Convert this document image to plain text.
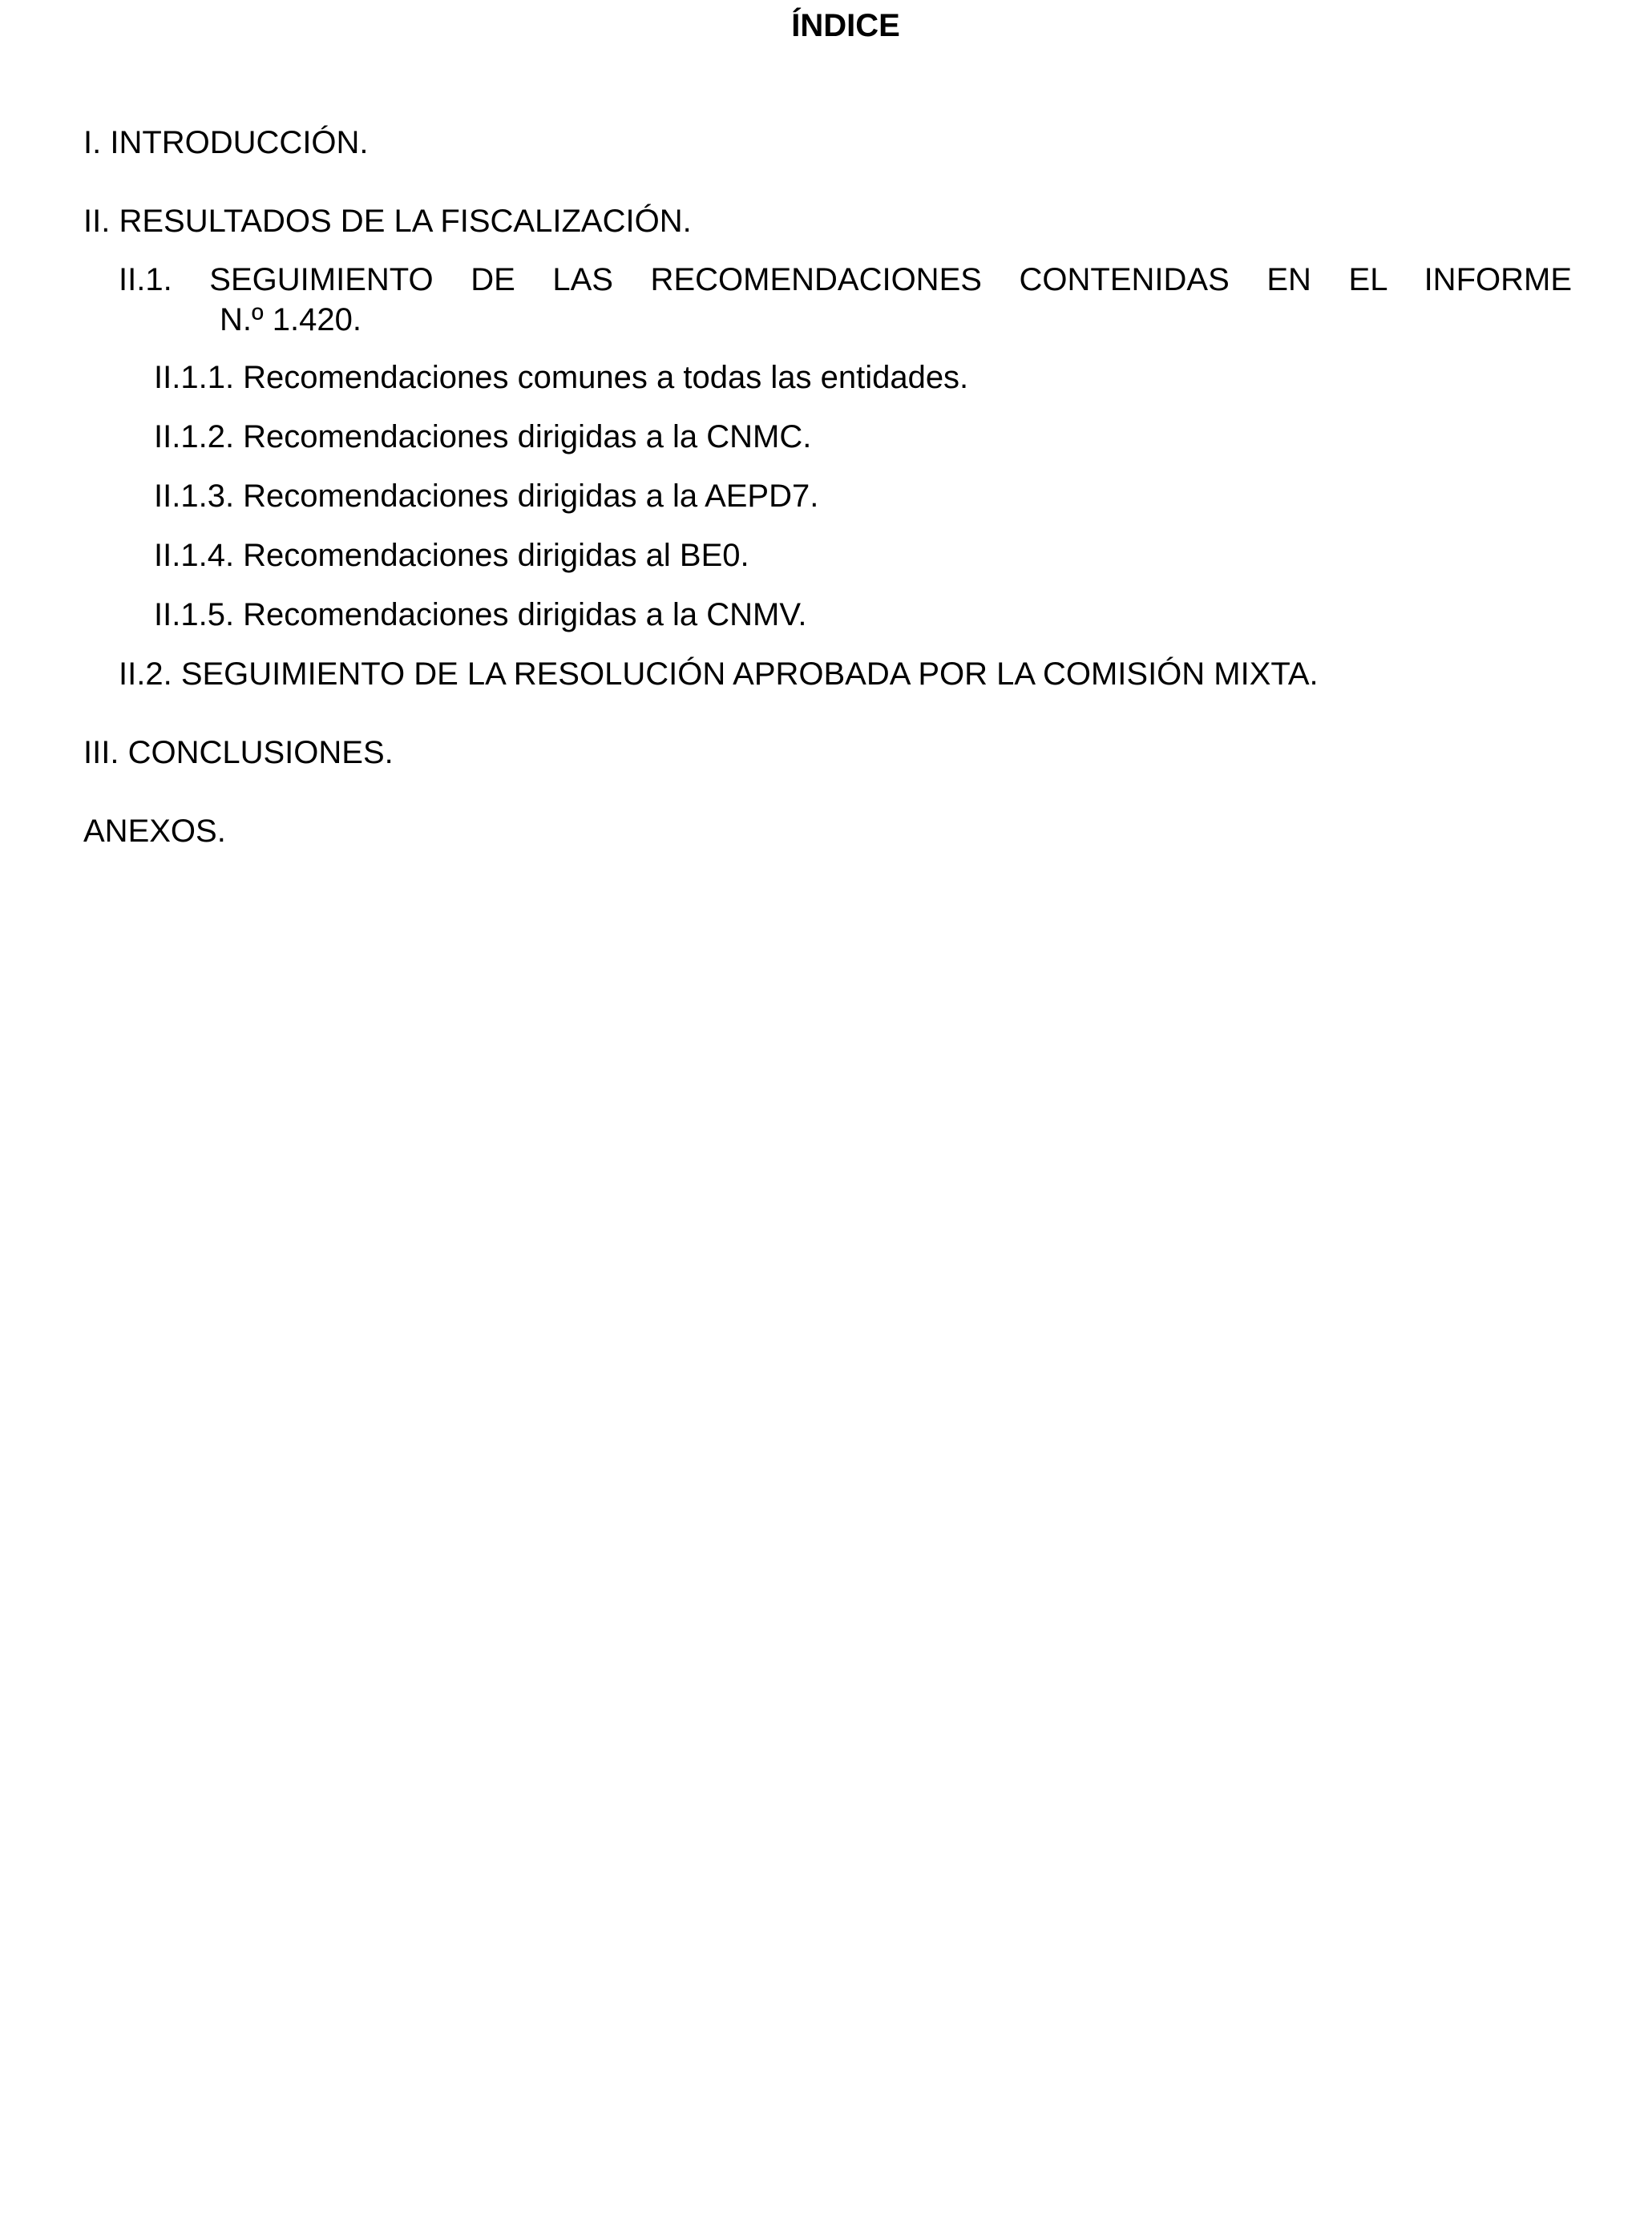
ÍNDICE
I. INTRODUCCIÓN.
II. RESULTADOS DE LA FISCALIZACIÓN.
II.1. SEGUIMIENTO DE LAS RECOMENDACIONES CONTENIDAS EN EL INFORME
N.º 1.420.
II.1.1. Recomendaciones comunes a todas las entidades.
II.1.2. Recomendaciones dirigidas a la CNMC.
II.1.3. Recomendaciones dirigidas a la AEPD7.
II.1.4. Recomendaciones dirigidas al BE0.
II.1.5. Recomendaciones dirigidas a la CNMV.
II.2. SEGUIMIENTO DE LA RESOLUCIÓN APROBADA POR LA COMISIÓN MIXTA.
III. CONCLUSIONES.
ANEXOS.
